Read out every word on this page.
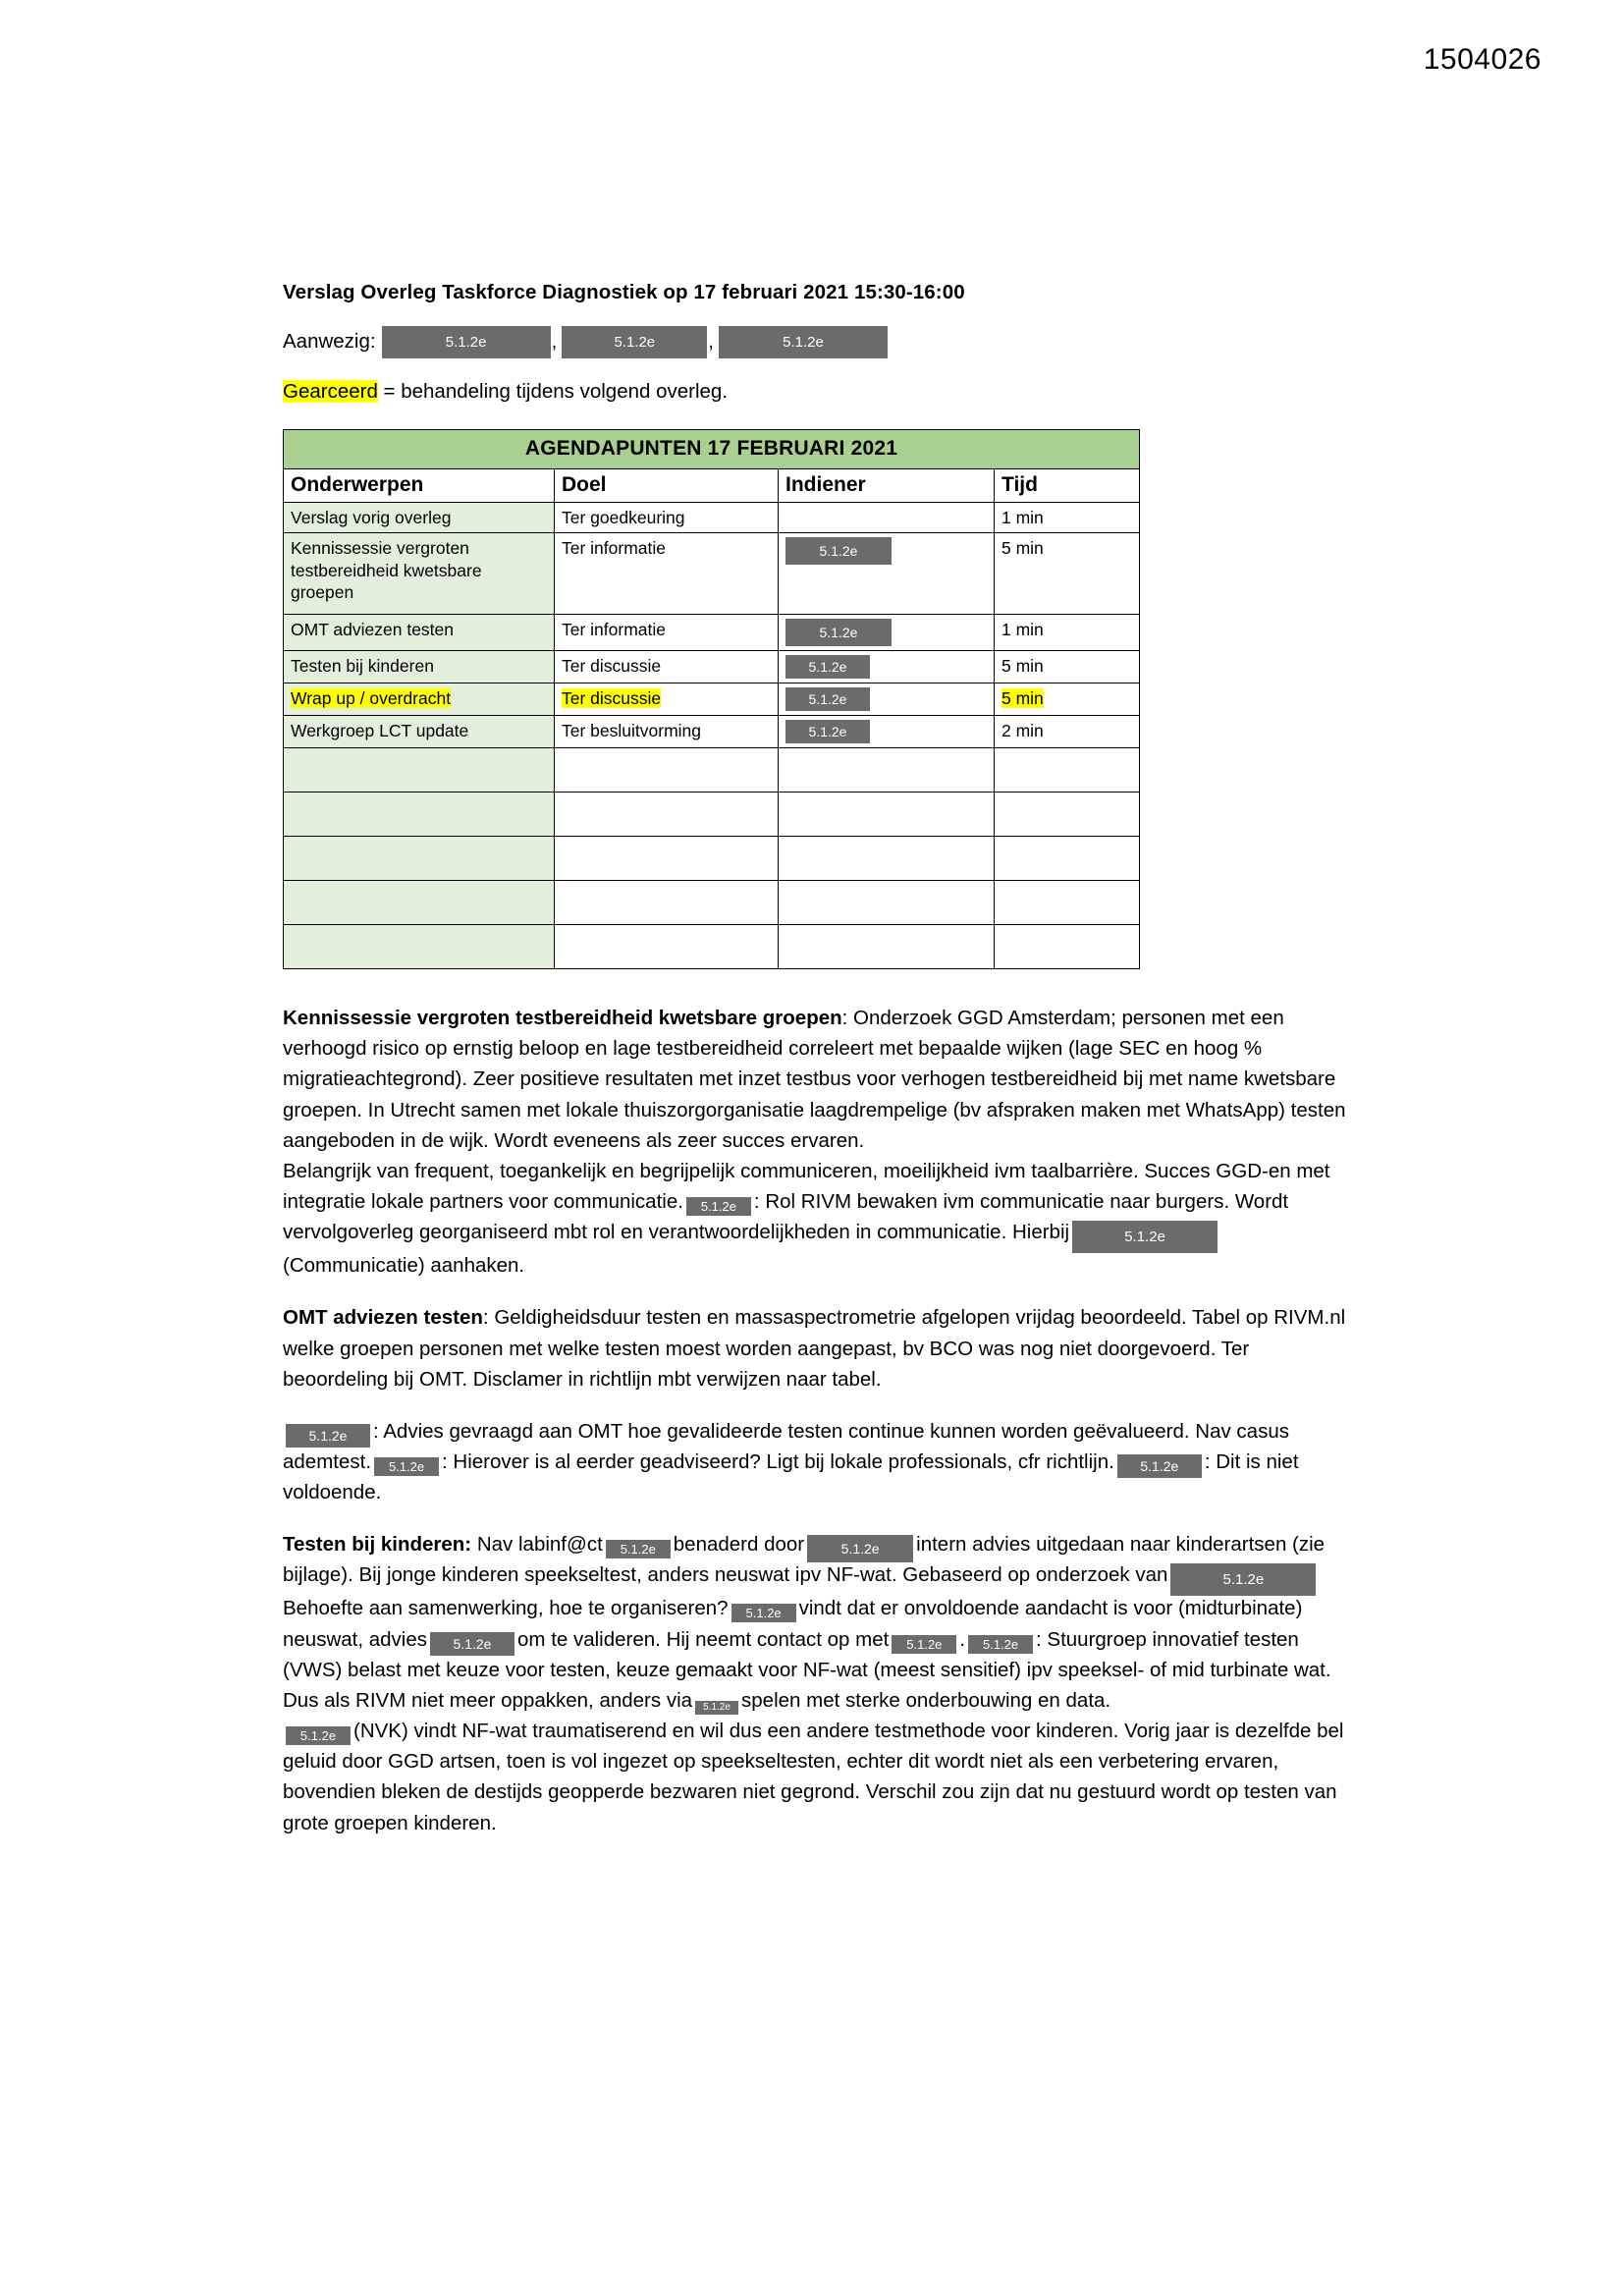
1504026
Verslag Overleg Taskforce Diagnostiek op 17 februari 2021 15:30-16:00
Aanwezig:	5.1.2e	,	5.1.2e	,	5.1.2e
Gearceerd = behandeling tijdens volgend overleg.
AGENDAPUNTEN 17 FEBRUARI 2021			
Onderwerpen	Doel	Indiener	Tijd
Verslag vorig overleg	Ter goedkeuring		1 min
Kennissessie vergroten testbereidheid kwetsbare groepen	Ter informatie	5.1.2e	5 min
OMT adviezen testen	Ter informatie	5.1.2e	1 min
Testen bij kinderen	Ter discussie	5.1.2e	5 min
Wrap up / overdracht	Ter discussie	5.1.2e	5 min
Werkgroep LCT update	Ter besluitvorming	5.1.2e	2 min

Kennissessie vergroten testbereidheid kwetsbare groepen: Onderzoek GGD Amsterdam; personen met een verhoogd risico op ernstig beloop en lage testbereidheid correleert met bepaalde wijken (lage SEC en hoog % migratieachtegrond). Zeer positieve resultaten met inzet testbus voor verhogen testbereidheid bij met name kwetsbare groepen. In Utrecht samen met lokale thuiszorgorganisatie laagdrempelige (bv afspraken maken met WhatsApp) testen aangeboden in de wijk. Wordt eveneens als zeer succes ervaren.

Belangrijk van frequent, toegankelijk en begrijpelijk communiceren, moeilijkheid ivm taalbarrière. Succes GGD-en met integratie lokale partners voor communicatie. 5.1.2e : Rol RIVM bewaken ivm communicatie naar burgers. Wordt vervolgoverleg georganiseerd mbt rol en verantwoordelijkheden in communicatie. Hierbij	5.1.2e(Communicatie) aanhaken.

OMT adviezen testen: Geldigheidsduur testen en massaspectrometrie afgelopen vrijdag beoordeeld. Tabel op RIVM.nl welke groepen personen met welke testen moest worden aangepast, bv BCO was nog niet doorgevoerd. Ter beoordeling bij OMT. Disclamer in richtlijn mbt verwijzen naar tabel.

5.1.2e : Advies gevraagd aan OMT hoe gevalideerde testen continue kunnen worden geëvalueerd. Nav casus ademtest. 5.1.2e : Hierover is al eerder geadviseerd? Ligt bij lokale professionals, cfr richtlijn. 5.1.2e : Dit is niet voldoende.

Testen bij kinderen: Nav labinf@ct 5.1.2e benaderd door	5.1.2e intern advies uitgedaan naar kinderartsen (zie bijlage). Bij jonge kinderen speekseltest, anders neuswat ipv NF-wat. Gebaseerd op onderzoek van	5.1.2eBehoefte aan samenwerking, hoe te organiseren? 5.1.2e vindt dat er onvoldoende aandacht is voor (midturbinate) neuswat, advies 5.1.2e om te valideren. Hij neemt contact op met 5.1.2e . 5.1.2e : Stuurgroep innovatief testen (VWS) belast met keuze voor testen, keuze gemaakt voor NF-wat (meest sensitief) ipv speeksel- of mid turbinate wat. Dus als RIVM niet meer oppakken, anders via 5.1.2e spelen met sterke onderbouwing en data.

5.1.2e (NVK) vindt NF-wat traumatiserend en wil dus een andere testmethode voor kinderen. Vorig jaar is dezelfde bel geluid door GGD artsen, toen is vol ingezet op speekseltesten, echter dit wordt niet als een verbetering ervaren, bovendien bleken de destijds geopperde bezwaren niet gegrond. Verschil zou zijn dat nu gestuurd wordt op testen van grote groepen kinderen.
